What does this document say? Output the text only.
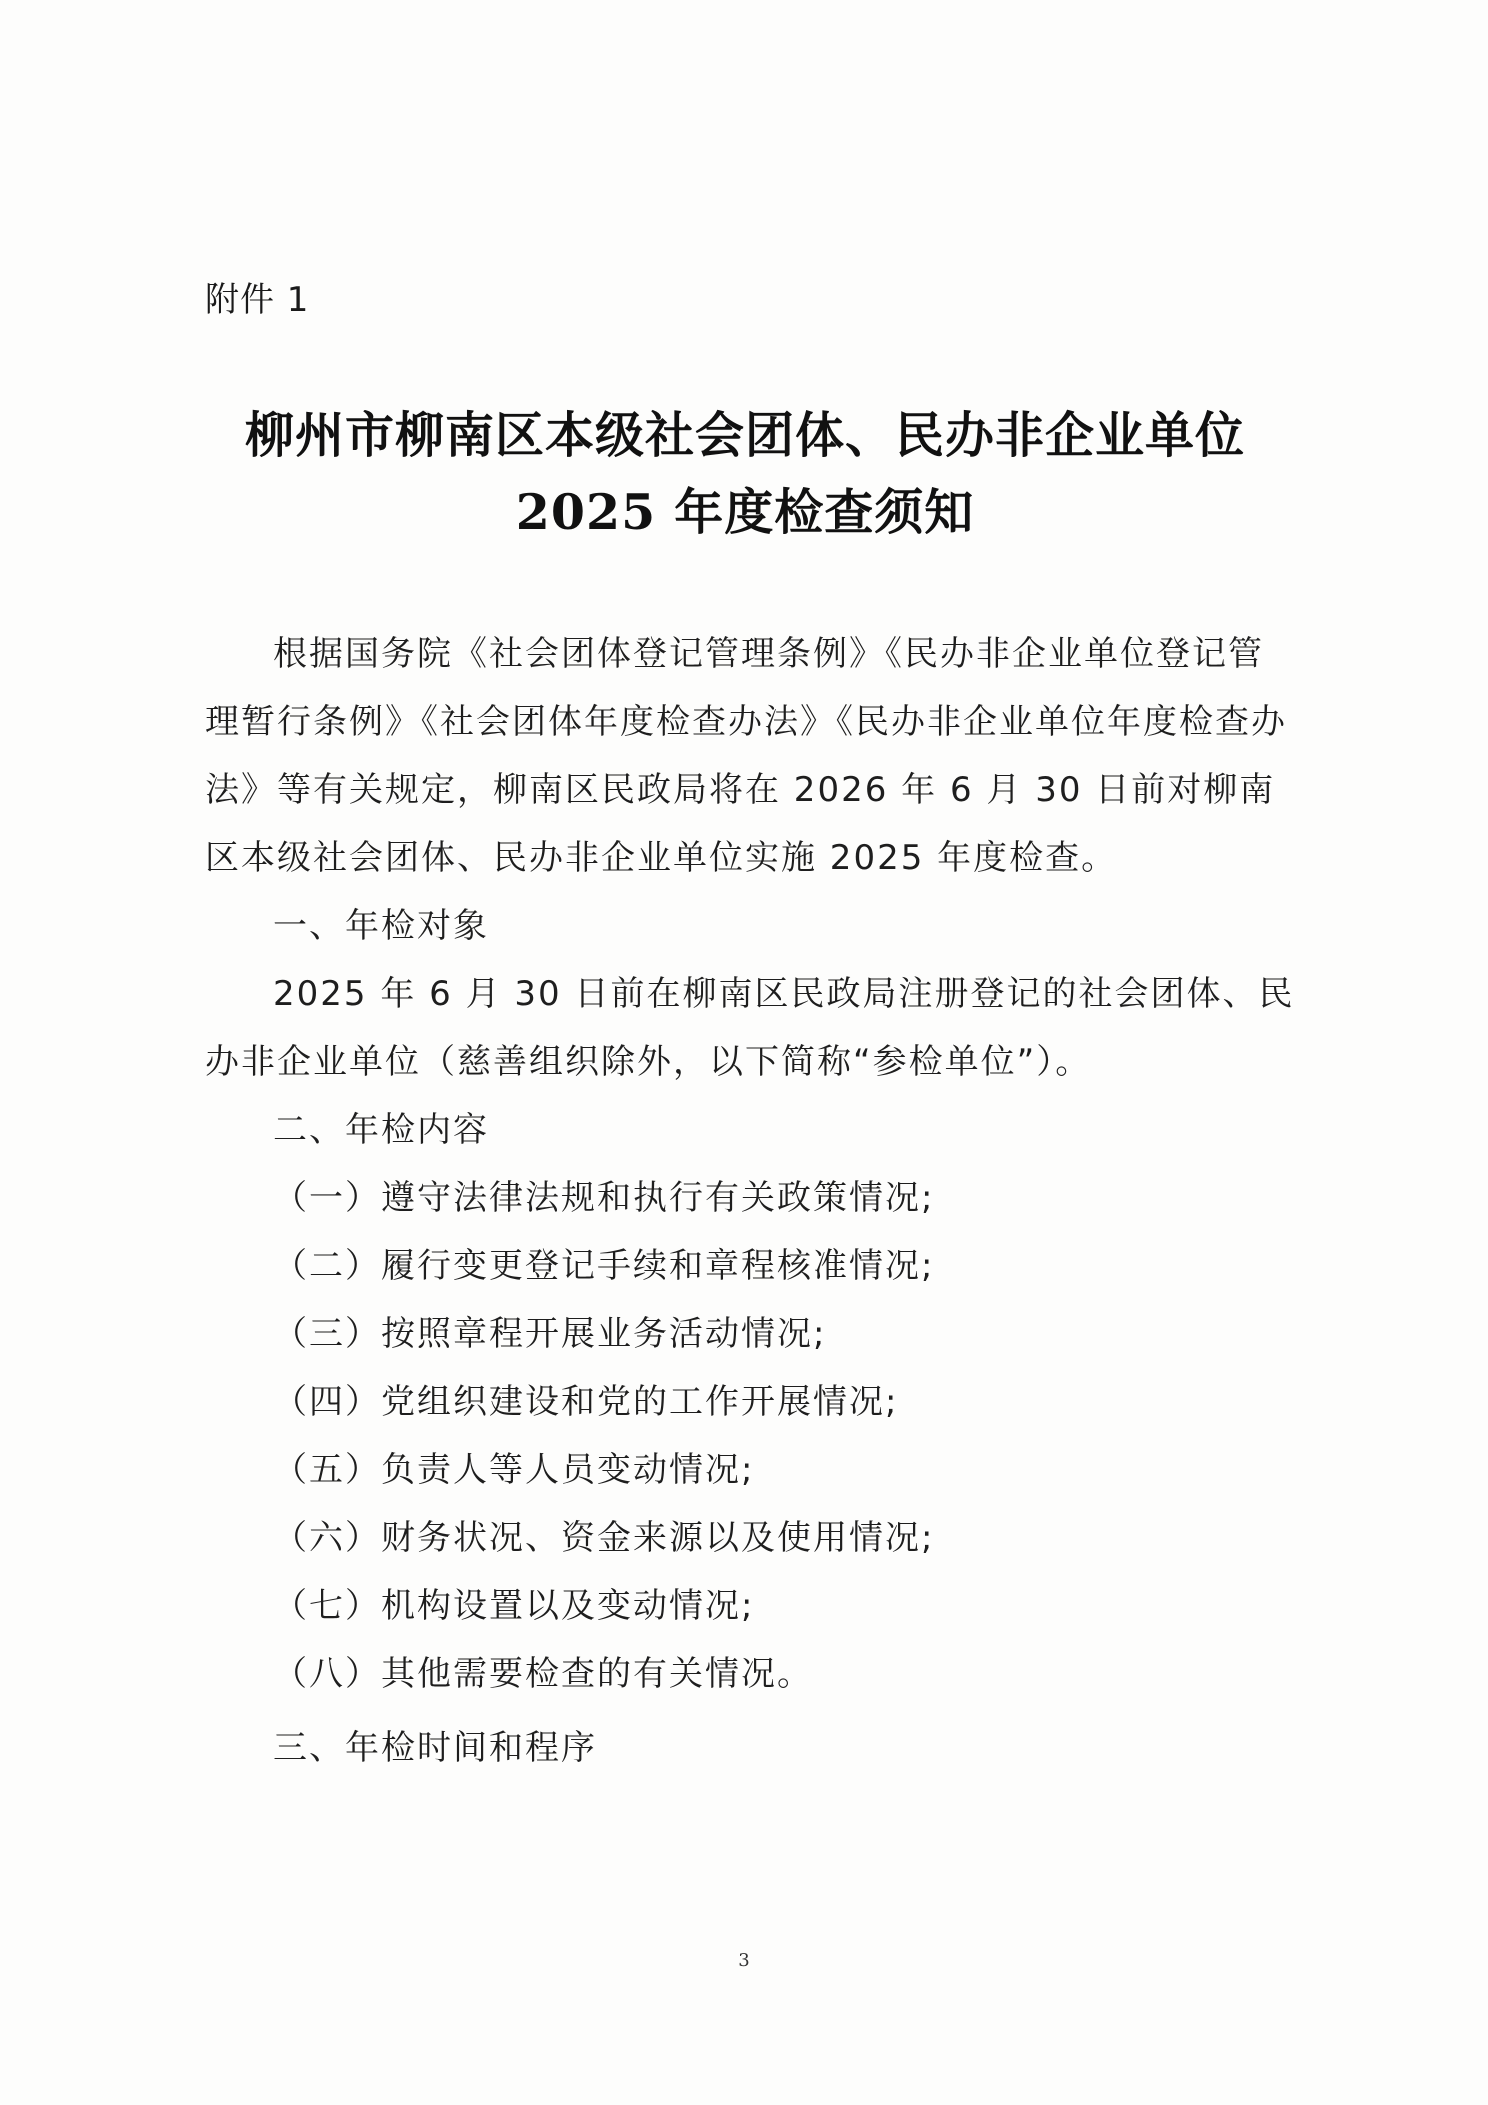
附件 1
柳州市柳南区本级社会团体、民办非企业单位
2025 年度检查须知

根据国务院《社会团体登记管理条例》《民办非企业单位登记管理暂行条例》《社会团体年度检查办法》《民办非企业单位年度检查办法》等有关规定，柳南区民政局将在 2026 年 6 月 30 日前对柳南区本级社会团体、民办非企业单位实施 2025 年度检查。

一、年检对象

2025 年 6 月 30 日前在柳南区民政局注册登记的社会团体、民办非企业单位（慈善组织除外，以下简称“参检单位”）。

二、年检内容

（一）遵守法律法规和执行有关政策情况;

（二）履行变更登记手续和章程核准情况;

（三）按照章程开展业务活动情况;

（四）党组织建设和党的工作开展情况;

（五）负责人等人员变动情况;

（六）财务状况、资金来源以及使用情况;

（七）机构设置以及变动情况;

（八）其他需要检查的有关情况。

三、年检时间和程序

3
